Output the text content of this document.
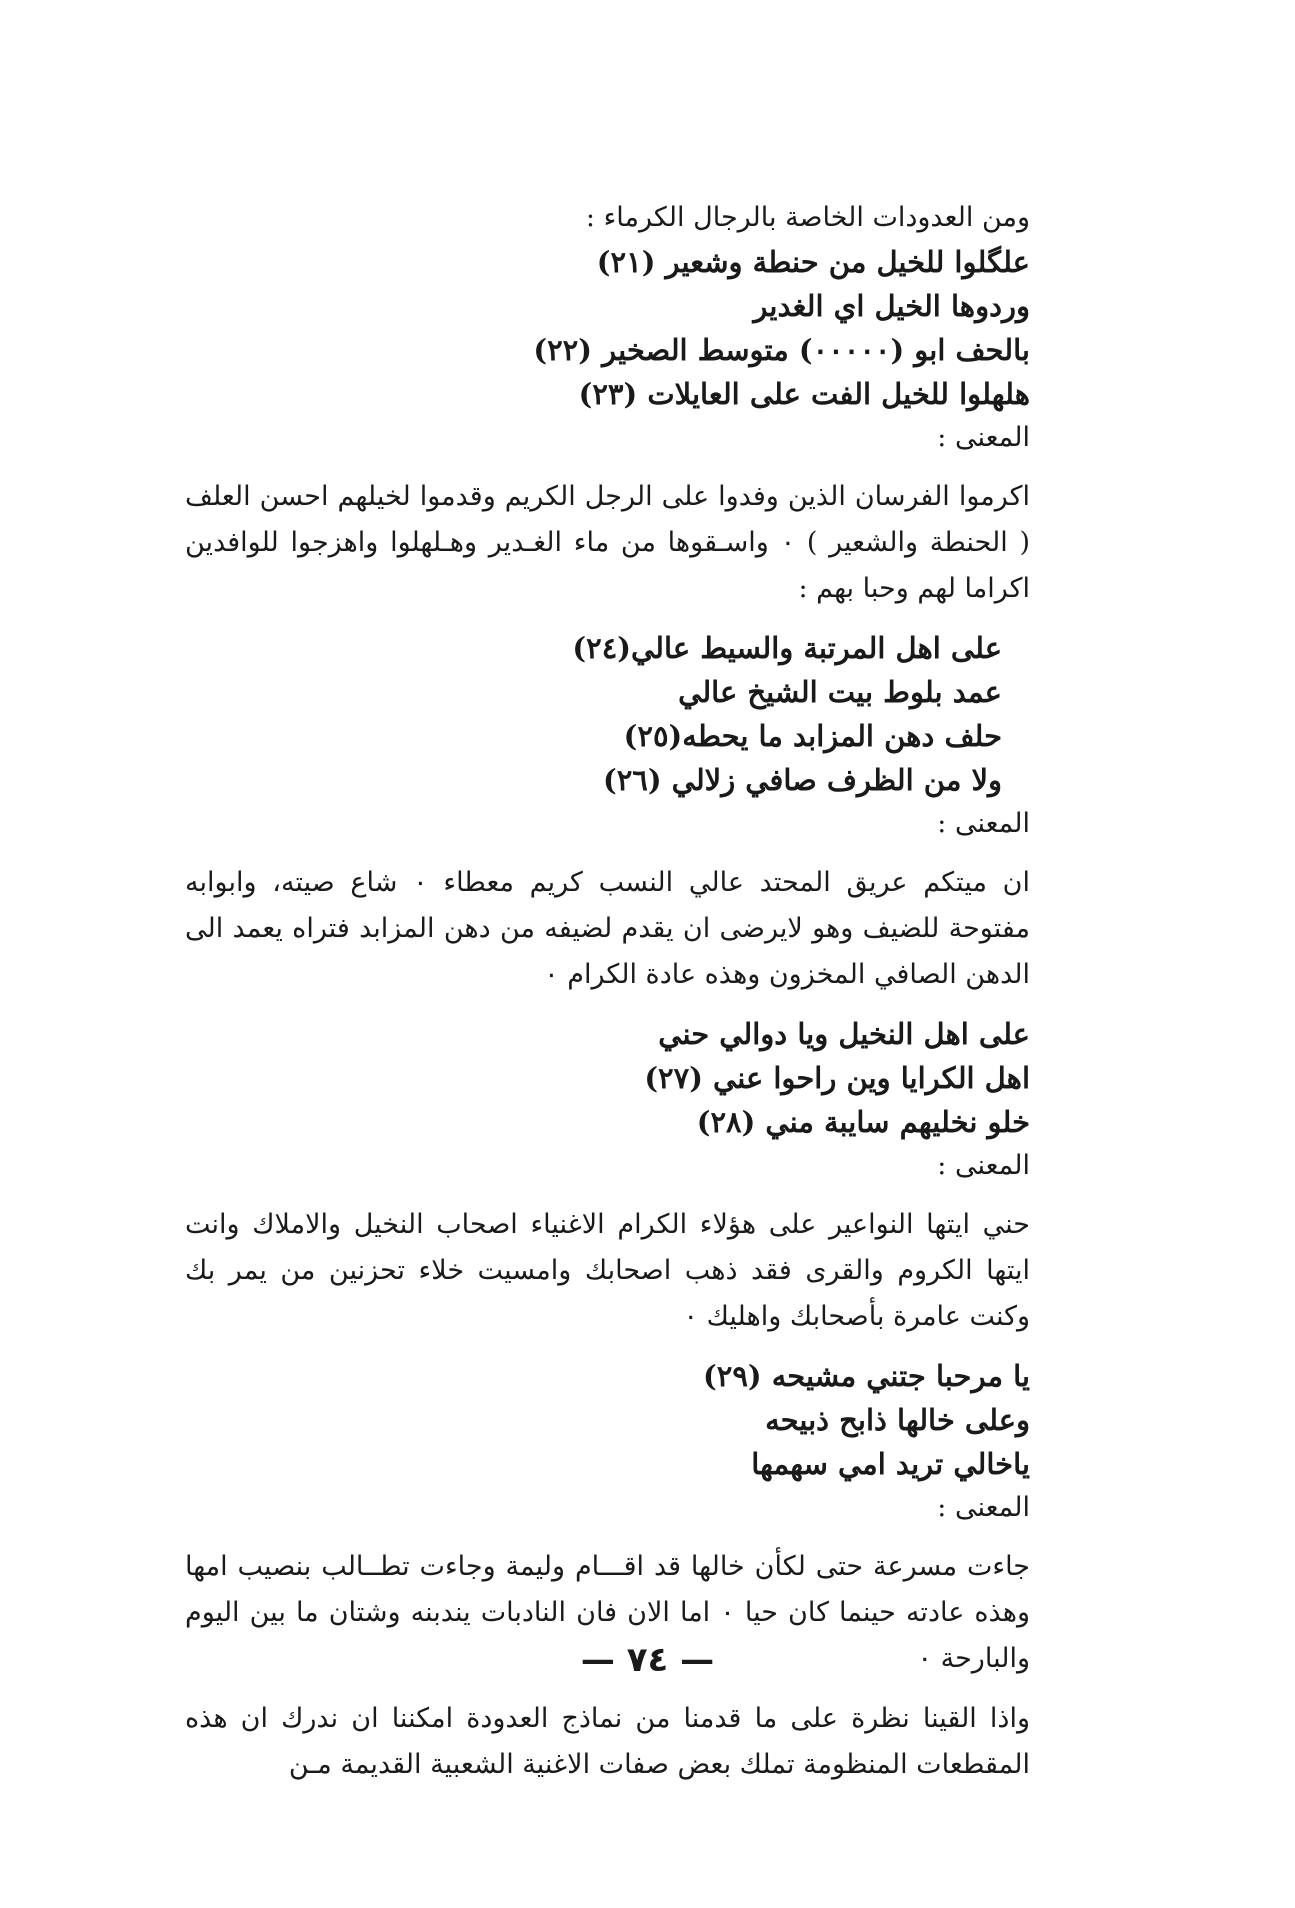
ومن العدودات الخاصة بالرجال الكرماء :
علگلوا للخيل من حنطة وشعير (٢١)
وردوها الخيل اي الغدير
بالحف ابو (٠٠٠٠٠) متوسط الصخير (٢٢)
هلهلوا للخيل الفت على العايلات (٢٣)
المعنى :

اكرموا الفرسان الذين وفدوا على الرجل الكريم وقدموا لخيلهم احسن العلف ( الحنطة والشعير ) ٠ واسـقوها من ماء الغـدير وهـلهلوا واهزجوا للوافدين اكراما لهم وحبا بهم :

على اهل المرتبة والسيط عالي(٢٤)
عمد بلوط بيت الشيخ عالي
حلف دهن المزابد ما يحطه(٢٥)
ولا من الظرف صافي زلالي (٢٦)
المعنى :

ان ميتكم عريق المحتد عالي النسب كريم معطاء ٠ شاع صيته، وابوابه مفتوحة للضيف وهو لايرضى ان يقدم لضيفه من دهن المزابد فتراه يعمد الى الدهن الصافي المخزون وهذه عادة الكرام ٠

على اهل النخيل ويا دوالي حني
اهل الكرايا وين راحوا عني (٢٧)
خلو نخليهم سايبة مني (٢٨)
المعنى :

حني ايتها النواعير على هؤلاء الكرام الاغنياء اصحاب النخيل والاملاك وانت ايتها الكروم والقرى فقد ذهب اصحابك وامسيت خلاء تحزنين من يمر بك وكنت عامرة بأصحابك واهليك ٠

يا مرحبا جتني مشيحه (٢٩)
وعلى خالها ذابح ذبيحه
ياخالي تريد امي سهمها
المعنى :

جاءت مسرعة حتى لكأن خالها قد اقـــام وليمة وجاءت تطــالب بنصيب امها وهذه عادته حينما كان حيا ٠ اما الان فان النادبات يندبنه وشتان ما بين اليوم والبارحة ٠

واذا القينا نظرة على ما قدمنا من نماذج العدودة امكننا ان ندرك ان هذه المقطعات المنظومة تملك بعض صفات الاغنية الشعبية القديمة مـن

— ٧٤ —
